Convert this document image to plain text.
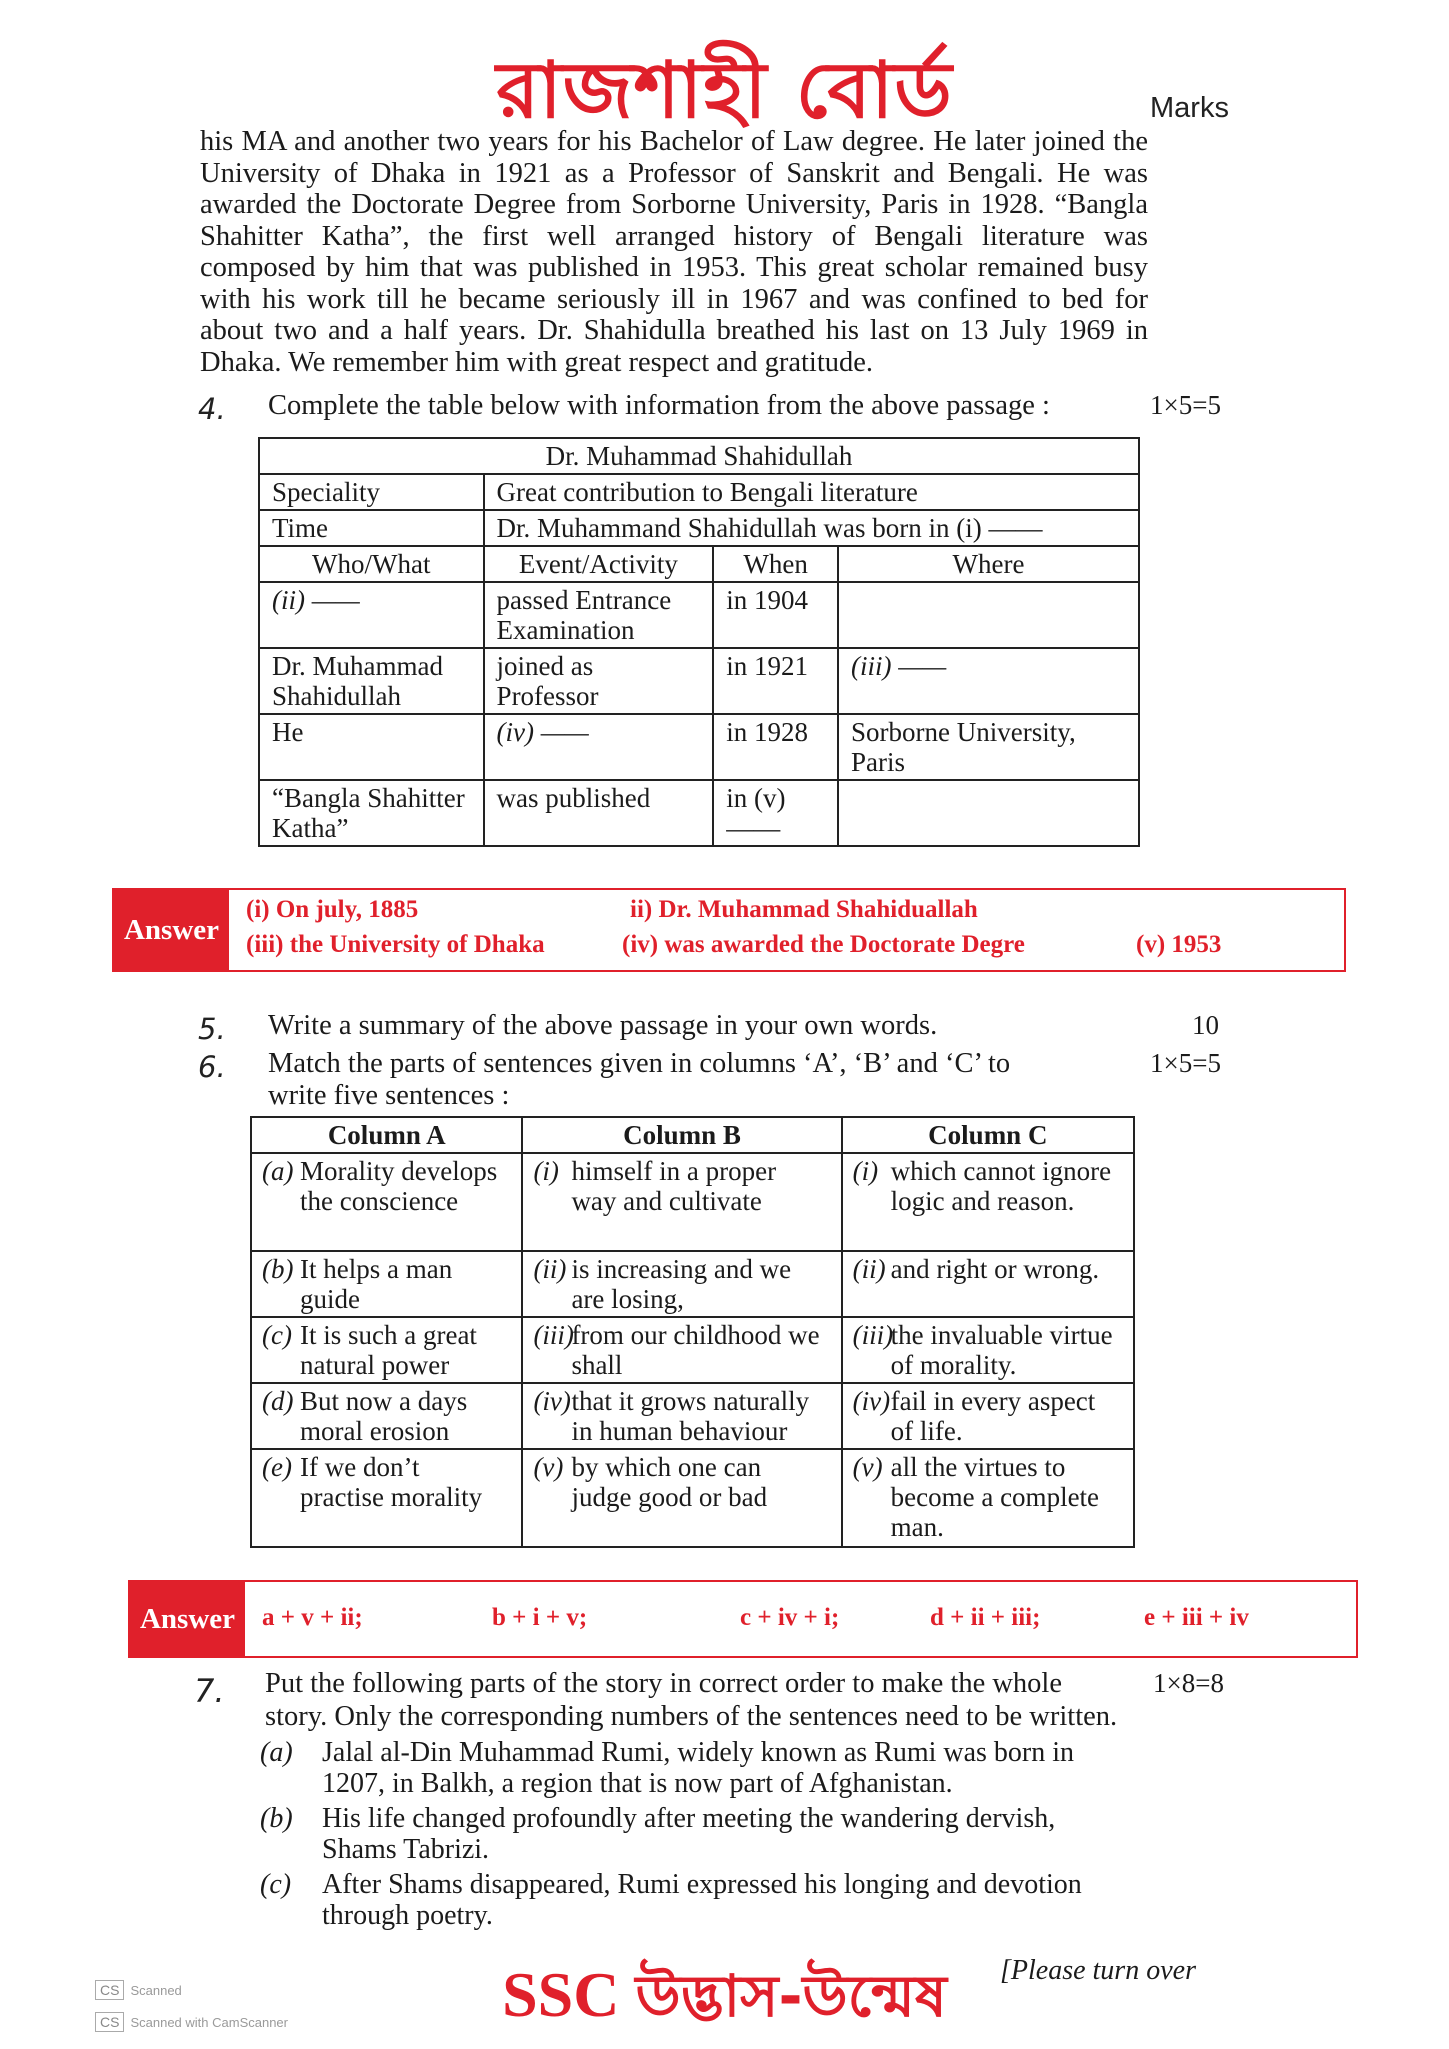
রাজশাহী বোর্ড	Marks

his MA and another two years for his Bachelor of Law degree. He later joined the University of Dhaka in 1921 as a Professor of Sanskrit and Bengali. He was awarded the Doctorate Degree from Sorborne University, Paris in 1928. “Bangla Shahitter Katha”, the first well arranged history of Bengali literature was composed by him that was published in 1953. This great scholar remained busy with his work till he became seriously ill in 1967 and was confined to bed for about two and a half years. Dr. Shahidulla breathed his last on 13 July 1969 in Dhaka. We remember him with great respect and gratitude.

4. Complete the table below with information from the above passage :	1×5=5
Dr. Muhammad Shahidullah			
Speciality	Great contribution to Bengali literature		
Time	Dr. Muhammand Shahidullah was born in (i) ——		
Who/What	Event/Activity	When	Where
(ii) ——	passed Entrance Examination	in 1904	
Dr. Muhammad Shahidullah	joined as Professor	in 1921	(iii) ——
He	(iv) ——	in 1928	Sorborne University, Paris
“Bangla Shahitter Katha”	was published	in (v) ——	
Answer
(i) On july, 1885	ii) Dr. Muhammad Shahiduallah
(iii) the University of Dhaka	(iv) was awarded the Doctorate Degre	(v) 1953
5. Write a summary of the above passage in your own words.	10
6. Match the parts of sentences given in columns ‘A’, ‘B’ and ‘C’ to
write five sentences :
1×5=5
Column A	Column B	Column C
(a) Morality develops the conscience	(i) himself in a proper way and cultivate	(i) which cannot ignore logic and reason.
(b) It helps a man guide	(ii) is increasing and we are losing,	(ii) and right or wrong.
(c) It is such a great natural power	(iii)from our childhood we shall	(iii)the invaluable virtue of morality.
(d) But now a days moral erosion	(iv)that it grows naturally in human behaviour	(iv)fail in every aspect of life.
(e) If we don’t practise morality	(v) by which one can judge good or bad	(v) all the virtues to become a complete man.
Answer	a + v + ii;	b + i + v;	c + iv + i;	d + ii + iii;	e + iii + iv
7. Put the following parts of the story in correct order to make the whole
story. Only the corresponding numbers of the sentences need to be written.
1×8=8
(a) Jalal al-Din Muhammad Rumi, widely known as Rumi was born in
1207, in Balkh, a region that is now part of Afghanistan.
(b) His life changed profoundly after meeting the wandering dervish,
Shams Tabrizi.
(c) After Shams disappeared, Rumi expressed his longing and devotion
through poetry.
SSC উদ্ভাস-উন্মেষ	[Please turn over
CS Scanned
CS Scanned with CamScanner
